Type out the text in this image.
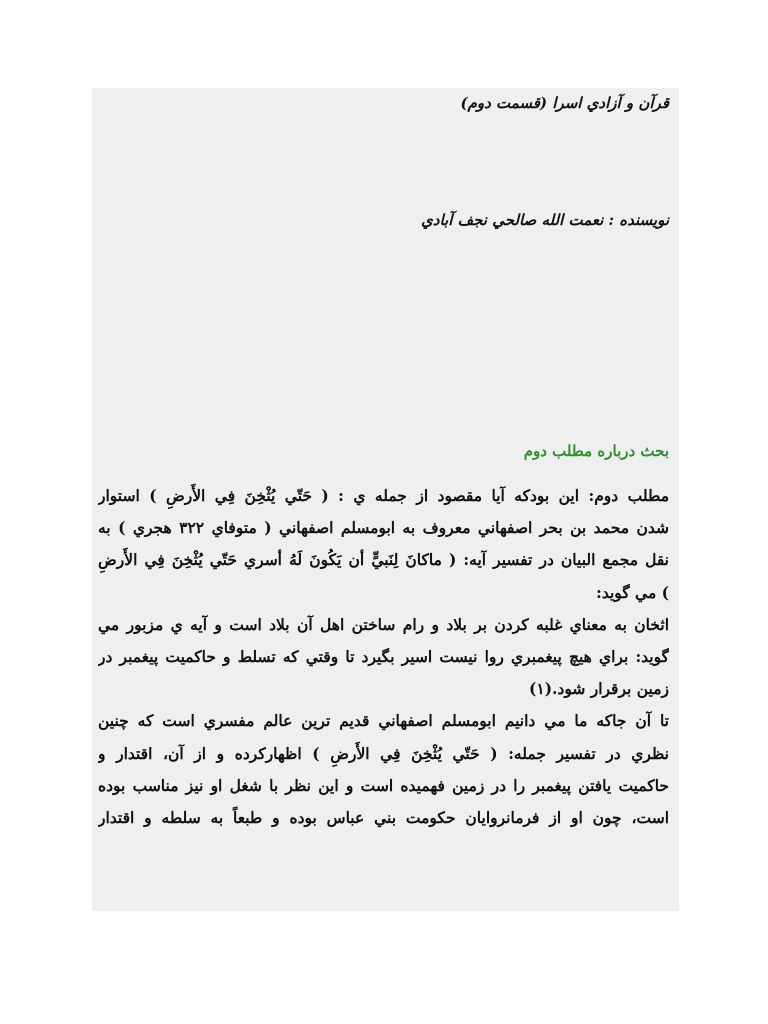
قرآن و آزادي اسرا (قسمت دوم)
نويسنده : نعمت الله صالحي نجف آبادي
بحث درباره مطلب دوم
مطلب دوم: اين بودكه آيا مقصود از جمله ي : ( حَتّي يُثْخِنَ فِي الأَرضِ ) استوار
شدن محمد بن بحر اصفهاني معروف به ابومسلم اصفهاني ( متوفاي ٣٢٢ هجري ) به
نقل مجمع البيان در تفسير آيه: ( ماكانَ لِنَبيٍّ أن يَكُونَ لَهُ أسري حَتّي يُثْخِنَ فِي الأَرضِ
) مي گويد:
اثخان به معناي غلبه كردن بر بلاد و رام ساختن اهل آن بلاد است و آيه ي مزبور مي
گويد: براي هيچ پيغمبري روا نيست اسير بگيرد تا وقتي كه تسلط و حاكميت پيغمبر در
زمين برقرار شود.(١)
تا آن جاكه ما مي دانيم ابومسلم اصفهاني قديم ترين عالم مفسري است كه چنين
نظري در تفسير جمله: ( حَتّي يُثْخِنَ فِي الأَرضِ ) اظهاركرده و از آن، اقتدار و
حاكميت يافتن پيغمبر را در زمين فهميده است و اين نظر با شغل او نيز مناسب بوده
است، چون او از فرمانروايان حكومت بني عباس بوده و طبعاً به سلطه و اقتدار
